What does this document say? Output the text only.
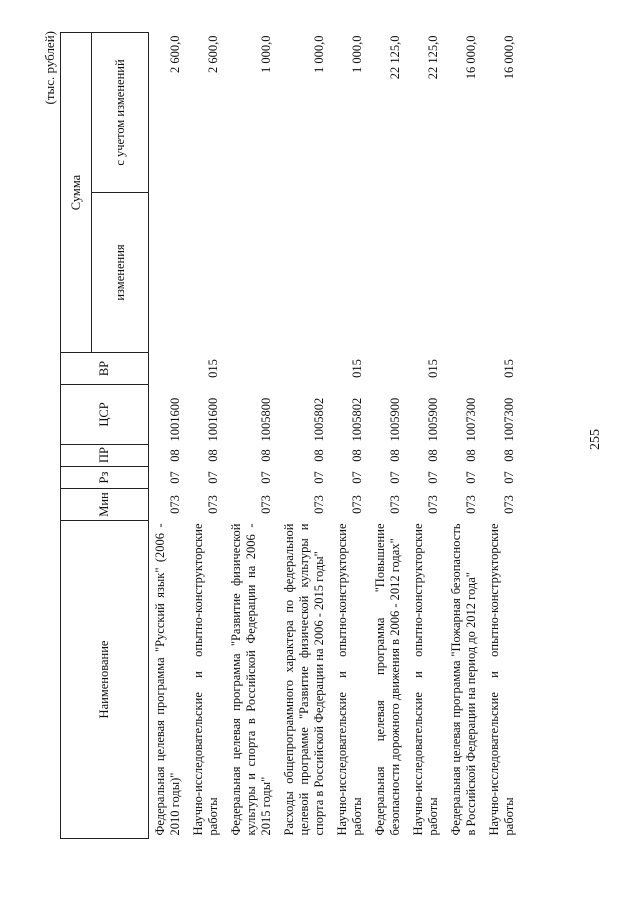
255
(тыс. рублей)
Наименование	Мин	Рз	ПР	ЦСР	ВР	Сумма	
						изменения	с учетом изменений
Федеральная целевая программа "Русский язык" (2006 - 2010 годы)"	073	07	08	1001600			2 600,0
Научно-исследовательские и опытно-конструкторские работы	073	07	08	1001600	015		2 600,0
Федеральная целевая программа "Развитие физической культуры и спорта в Российской Федерации на 2006 - 2015 годы"	073	07	08	1005800			1 000,0
Расходы общепрограммного характера по федеральной целевой программе "Развитие физической культуры и спорта в Российской Федерации на 2006 - 2015 годы"	073	07	08	1005802			1 000,0
Научно-исследовательские и опытно-конструкторские работы	073	07	08	1005802	015		1 000,0
Федеральная целевая программа "Повышение безопасности дорожного движения в 2006 - 2012 годах"	073	07	08	1005900			22 125,0
Научно-исследовательские и опытно-конструкторские работы	073	07	08	1005900	015		22 125,0
Федеральная целевая программа "Пожарная безопасность в Российской Федерации на период до 2012 года"	073	07	08	1007300			16 000,0
Научно-исследовательские и опытно-конструкторские работы	073	07	08	1007300	015		16 000,0
